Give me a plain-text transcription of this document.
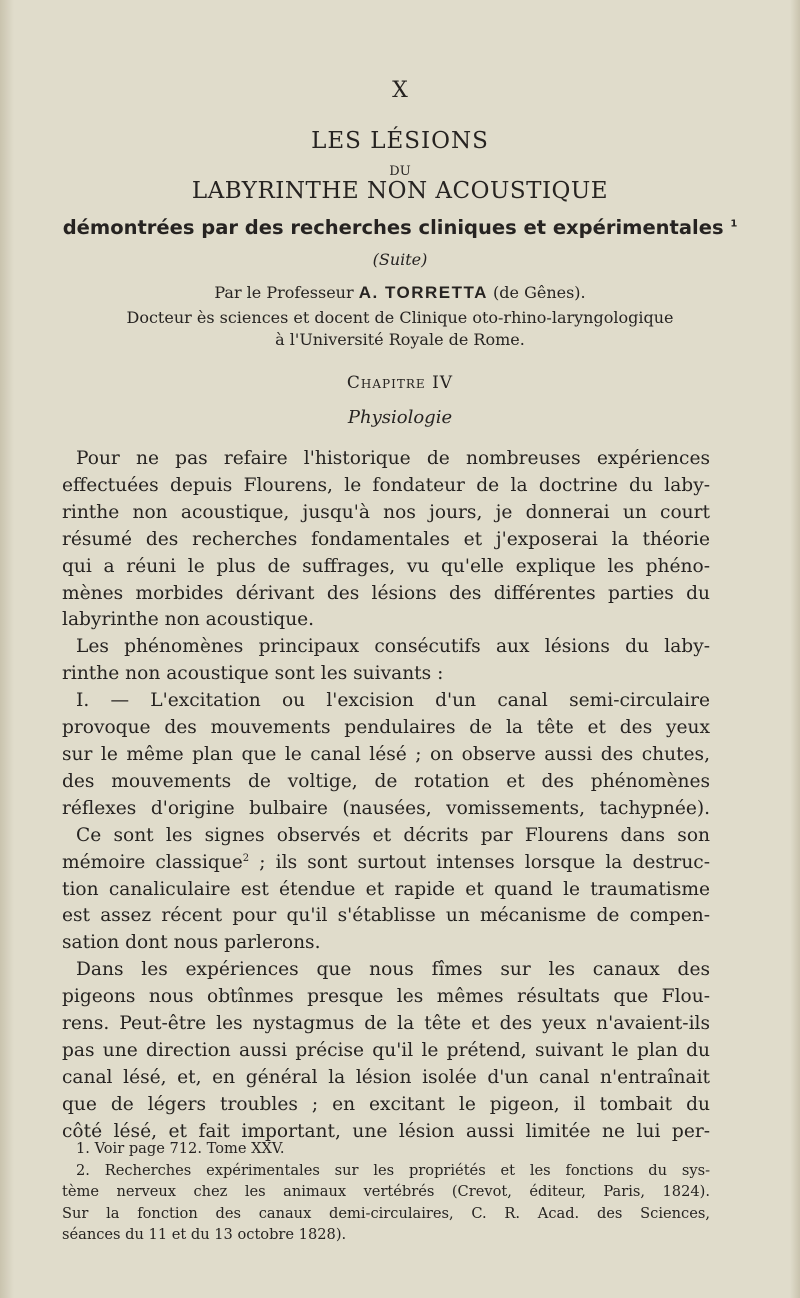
X
LES LÉSIONS
DU
LABYRINTHE NON ACOUSTIQUE
démontrées par des recherches cliniques et expérimentales $^1$
(Suite)
Par le Professeur A. TORRETTA (de Gênes).
Docteur ès sciences et docent de Clinique oto-rhino-laryngologique
à l'Université Royale de Rome.
Chapitre IV
Physiologie
Pour ne pas refaire l'historique de nombreuses expériences
effectuées depuis Flourens, le fondateur de la doctrine du laby-
rinthe non acoustique, jusqu'à nos jours, je donnerai un court
résumé des recherches fondamentales et j'exposerai la théorie
qui a réuni le plus de suffrages, vu qu'elle explique les phéno-
mènes morbides dérivant des lésions des différentes parties du
labyrinthe non acoustique.
Les phénomènes principaux consécutifs aux lésions du laby-
rinthe non acoustique sont les suivants :
I. — L'excitation ou l'excision d'un canal semi-circulaire
provoque des mouvements pendulaires de la tête et des yeux
sur le même plan que le canal lésé ; on observe aussi des chutes,
des mouvements de voltige, de rotation et des phénomènes
réflexes d'origine bulbaire (nausées, vomissements, tachypnée).
Ce sont les signes observés et décrits par Flourens dans son
mémoire classique$^2$ ; ils sont surtout intenses lorsque la destruc-
tion canaliculaire est étendue et rapide et quand le traumatisme
est assez récent pour qu'il s'établisse un mécanisme de compen-
sation dont nous parlerons.
Dans les expériences que nous fîmes sur les canaux des
pigeons nous obtînmes presque les mêmes résultats que Flou-
rens. Peut-être les nystagmus de la tête et des yeux n'avaient-ils
pas une direction aussi précise qu'il le prétend, suivant le plan du
canal lésé, et, en général la lésion isolée d'un canal n'entraînait
que de légers troubles ; en excitant le pigeon, il tombait du
côté lésé, et fait important, une lésion aussi limitée ne lui per-
1. Voir page 712. Tome XXV.
2. Recherches expérimentales sur les propriétés et les fonctions du sys-
tème nerveux chez les animaux vertébrés (Crevot, éditeur, Paris, 1824).
Sur la fonction des canaux demi-circulaires, C. R. Acad. des Sciences,
séances du 11 et du 13 octobre 1828).
